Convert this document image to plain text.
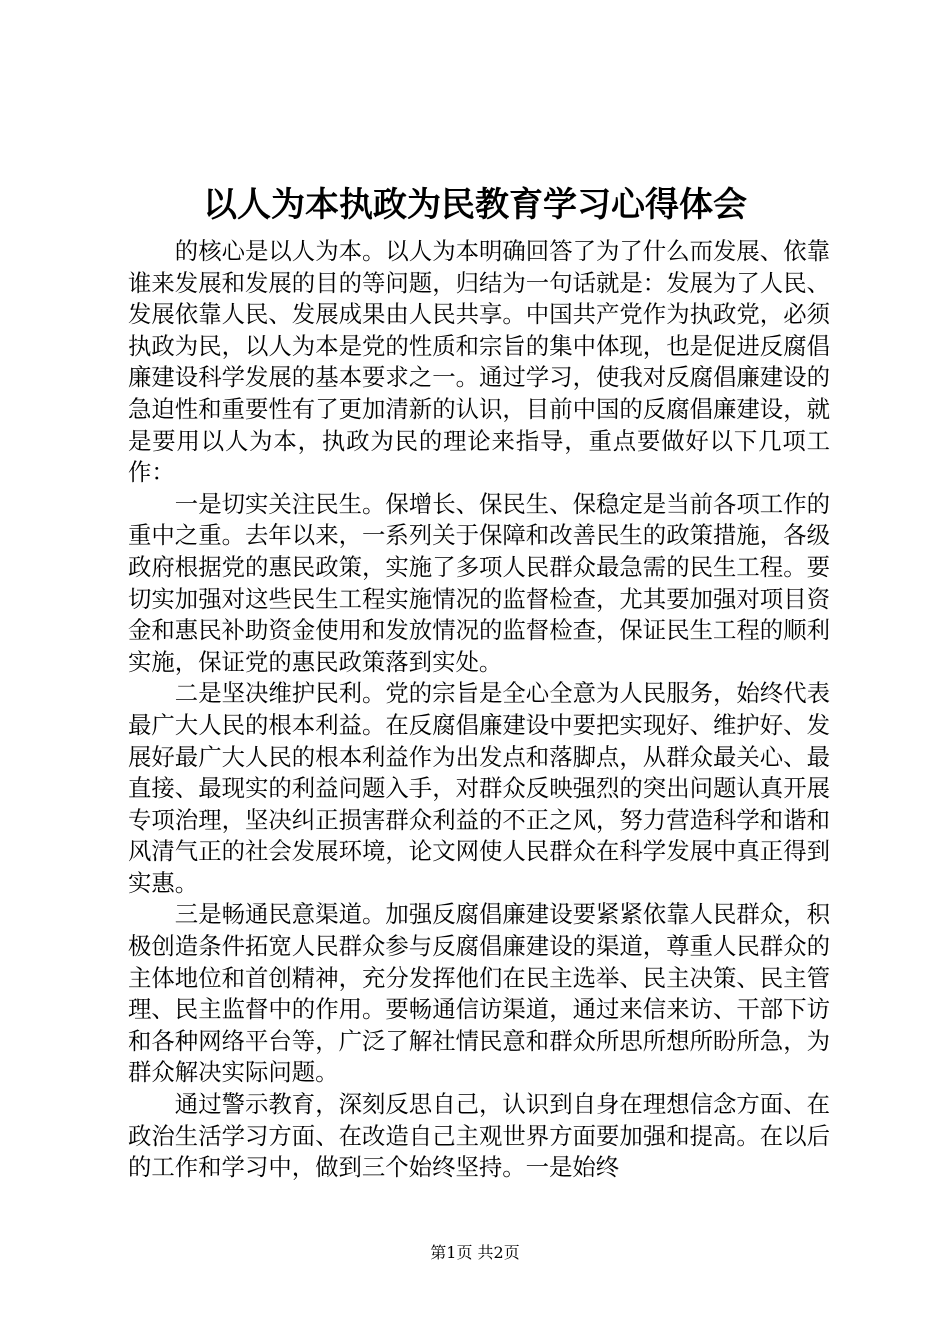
以人为本执政为民教育学习心得体会

的核心是以人为本。以人为本明确回答了为了什么而发展、依靠谁来发展和发展的目的等问题，归结为一句话就是：发展为了人民、发展依靠人民、发展成果由人民共享。中国共产党作为执政党，必须执政为民，以人为本是党的性质和宗旨的集中体现，也是促进反腐倡廉建设科学发展的基本要求之一。通过学习，使我对反腐倡廉建设的急迫性和重要性有了更加清新的认识，目前中国的反腐倡廉建设，就是要用以人为本，执政为民的理论来指导，重点要做好以下几项工作：

一是切实关注民生。保增长、保民生、保稳定是当前各项工作的重中之重。去年以来，一系列关于保障和改善民生的政策措施，各级政府根据党的惠民政策，实施了多项人民群众最急需的民生工程。要切实加强对这些民生工程实施情况的监督检查，尤其要加强对项目资金和惠民补助资金使用和发放情况的监督检查，保证民生工程的顺利实施，保证党的惠民政策落到实处。

二是坚决维护民利。党的宗旨是全心全意为人民服务，始终代表最广大人民的根本利益。在反腐倡廉建设中要把实现好、维护好、发展好最广大人民的根本利益作为出发点和落脚点，从群众最关心、最直接、最现实的利益问题入手，对群众反映强烈的突出问题认真开展专项治理，坚决纠正损害群众利益的不正之风，努力营造科学和谐和风清气正的社会发展环境，论文网使人民群众在科学发展中真正得到实惠。

三是畅通民意渠道。加强反腐倡廉建设要紧紧依靠人民群众，积极创造条件拓宽人民群众参与反腐倡廉建设的渠道，尊重人民群众的主体地位和首创精神，充分发挥他们在民主选举、民主决策、民主管理、民主监督中的作用。要畅通信访渠道，通过来信来访、干部下访和各种网络平台等，广泛了解社情民意和群众所思所想所盼所急，为群众解决实际问题。

通过警示教育，深刻反思自己，认识到自身在理想信念方面、在政治生活学习方面、在改造自己主观世界方面要加强和提高。在以后的工作和学习中，做到三个始终坚持。一是始终

第1页 共2页
